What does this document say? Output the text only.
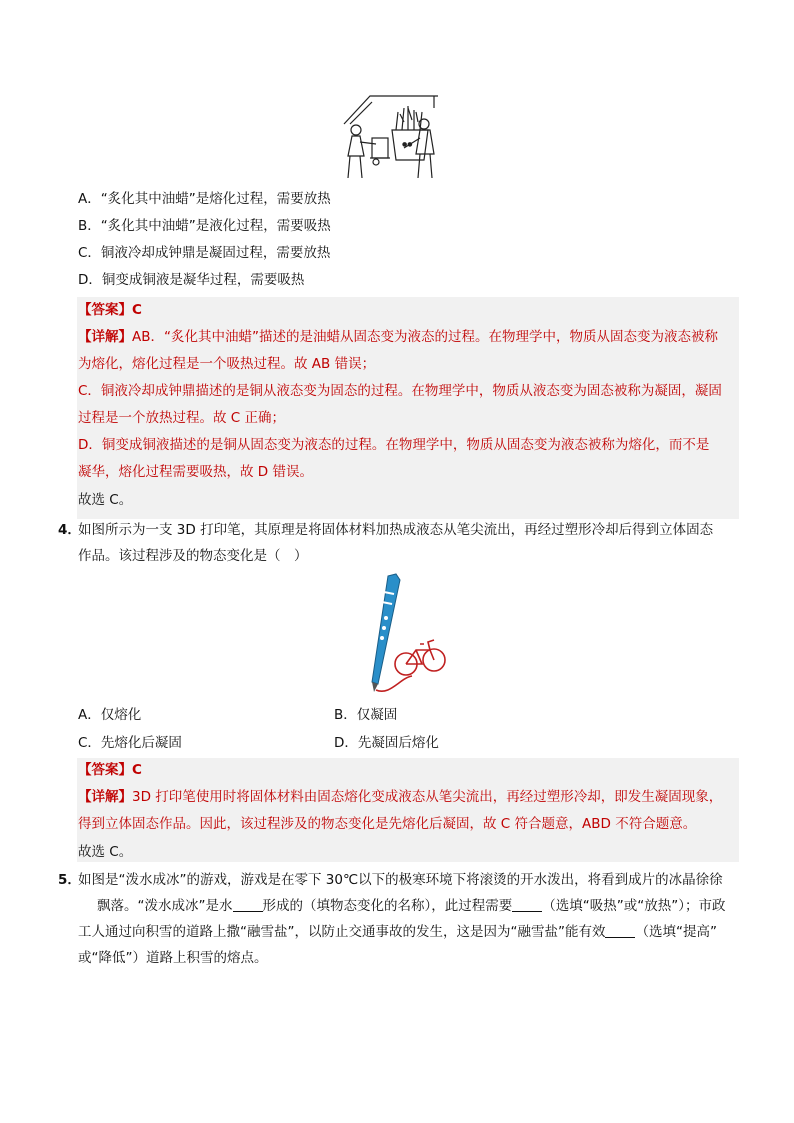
●●
A．“炙化其中油蜡”是熔化过程，需要放热
B．“炙化其中油蜡”是液化过程，需要吸热
C．铜液冷却成钟鼎是凝固过程，需要放热
D．铜变成铜液是凝华过程，需要吸热
【答案】C
【详解】AB．“炙化其中油蜡”描述的是油蜡从固态变为液态的过程。在物理学中，物质从固态变为液态被称
为熔化，熔化过程是一个吸热过程。故 AB 错误；
C．铜液冷却成钟鼎描述的是铜从液态变为固态的过程。在物理学中，物质从液态变为固态被称为凝固，凝固
过程是一个放热过程。故 C 正确；
D．铜变成铜液描述的是铜从固态变为液态的过程。在物理学中，物质从固态变为液态被称为熔化，而不是
凝华，熔化过程需要吸热，故 D 错误。
故选 C。
4．
如图所示为一支 3D 打印笔，其原理是将固体材料加热成液态从笔尖流出，再经过塑形冷却后得到立体固态
作品。该过程涉及的物态变化是（　）
A．仅熔化	B．仅凝固
C．先熔化后凝固	D．先凝固后熔化
【答案】C
【详解】3D 打印笔使用时将固体材料由固态熔化变成液态从笔尖流出，再经过塑形冷却，即发生凝固现象，
得到立体固态作品。因此，该过程涉及的物态变化是先熔化后凝固，故 C 符合题意，ABD 不符合题意。
故选 C。
5．
如图是“泼水成冰”的游戏，游戏是在零下 30℃以下的极寒环境下将滚烫的开水泼出，将看到成片的冰晶徐徐
飘落。“泼水成冰”是水 形成的（填物态变化的名称），此过程需要 （选填“吸热”或“放热”）；市政
工人通过向积雪的道路上撒“融雪盐”，以防止交通事故的发生，这是因为“融雪盐”能有效 （选填“提高”
或“降低”）道路上积雪的熔点。
